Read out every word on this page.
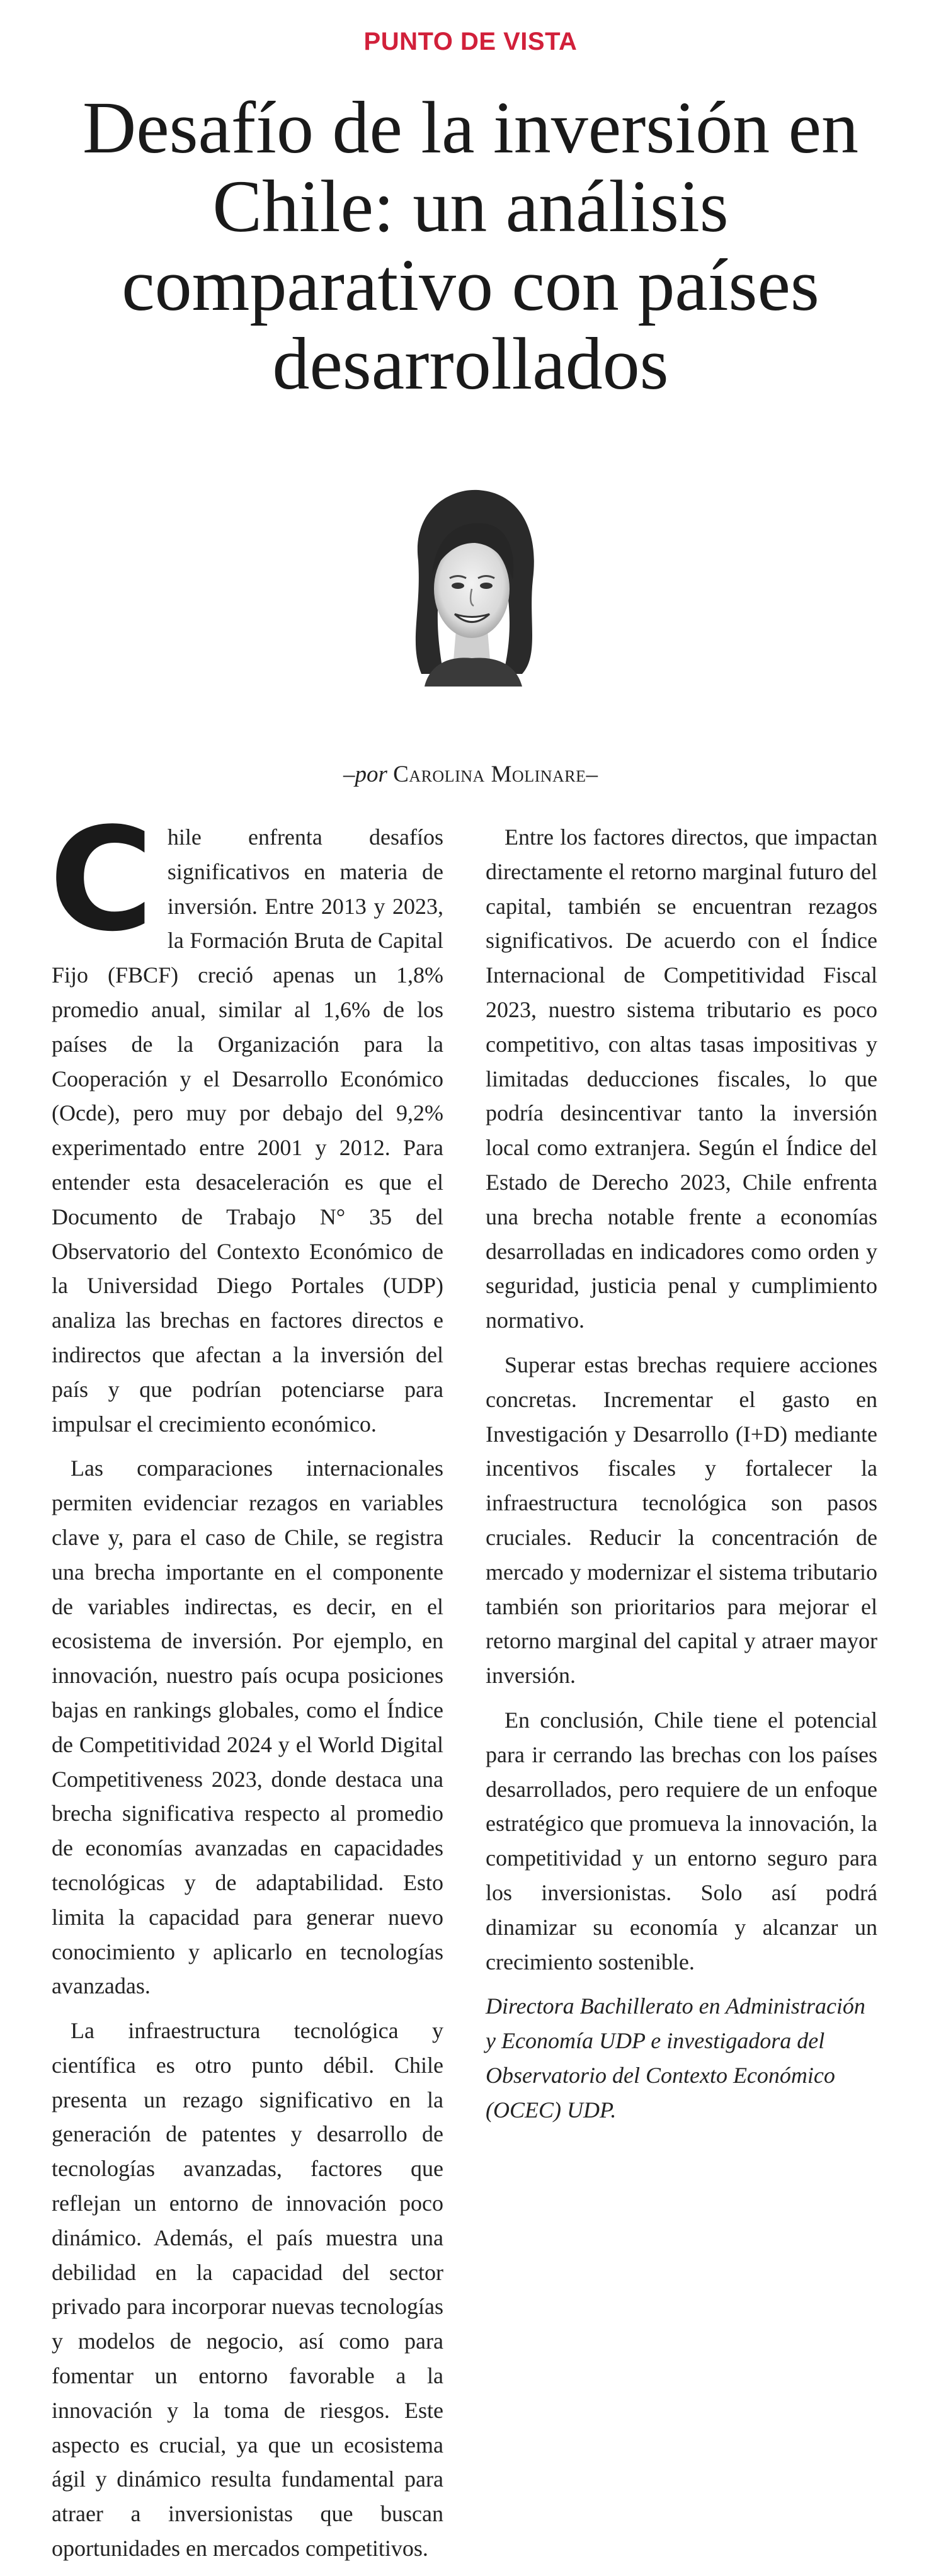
PUNTO DE VISTA
Desafío de la inversión en Chile: un análisis comparativo con países desarrollados
–por Carolina Molinare–

Chile enfrenta desafíos significativos en materia de inversión. Entre 2013 y 2023, la Formación Bruta de Capital Fijo (FBCF) creció apenas un 1,8% promedio anual, similar al 1,6% de los países de la Organización para la Cooperación y el Desarrollo Económico (Ocde), pero muy por debajo del 9,2% experimentado entre 2001 y 2012. Para entender esta desaceleración es que el Documento de Trabajo N° 35 del Observatorio del Contexto Económico de la Universidad Diego Portales (UDP) analiza las brechas en factores directos e indirectos que afectan a la inversión del país y que podrían potenciarse para impulsar el crecimiento económico.

Las comparaciones internacionales permiten evidenciar rezagos en variables clave y, para el caso de Chile, se registra una brecha importante en el componente de variables indirectas, es decir, en el ecosistema de inversión. Por ejemplo, en innovación, nuestro país ocupa posiciones bajas en rankings globales, como el Índice de Competitividad 2024 y el World Digital Competitiveness 2023, donde destaca una brecha significativa respecto al promedio de economías avanzadas en capacidades tecnológicas y de adaptabilidad. Esto limita la capacidad para generar nuevo conocimiento y aplicarlo en tecnologías avanzadas.

La infraestructura tecnológica y científica es otro punto débil. Chile presenta un rezago significativo en la generación de patentes y desarrollo de tecnologías avanzadas, factores que reflejan un entorno de innovación poco dinámico. Además, el país muestra una debilidad en la capacidad del sector privado para incorporar nuevas tecnologías y modelos de negocio, así como para fomentar un entorno favorable a la innovación y la toma de riesgos. Este aspecto es crucial, ya que un ecosistema ágil y dinámico resulta fundamental para atraer a inversionistas que buscan oportunidades en mercados competitivos.

Entre los factores directos, que impactan directamente el retorno marginal futuro del capital, también se encuentran rezagos significativos. De acuerdo con el Índice Internacional de Competitividad Fiscal 2023, nuestro sistema tributario es poco competitivo, con altas tasas impositivas y limitadas deducciones fiscales, lo que podría desincentivar tanto la inversión local como extranjera. Según el Índice del Estado de Derecho 2023, Chile enfrenta una brecha notable frente a economías desarrolladas en indicadores como orden y seguridad, justicia penal y cumplimiento normativo.

Superar estas brechas requiere acciones concretas. Incrementar el gasto en Investigación y Desarrollo (I+D) mediante incentivos fiscales y fortalecer la infraestructura tecnológica son pasos cruciales. Reducir la concentración de mercado y modernizar el sistema tributario también son prioritarios para mejorar el retorno marginal del capital y atraer mayor inversión.

En conclusión, Chile tiene el potencial para ir cerrando las brechas con los países desarrollados, pero requiere de un enfoque estratégico que promueva la innovación, la competitividad y un entorno seguro para los inversionistas. Solo así podrá dinamizar su economía y alcanzar un crecimiento sostenible.

Directora Bachillerato en Administración y Economía UDP e investigadora del Observatorio del Contexto Económico (OCEC) UDP.
